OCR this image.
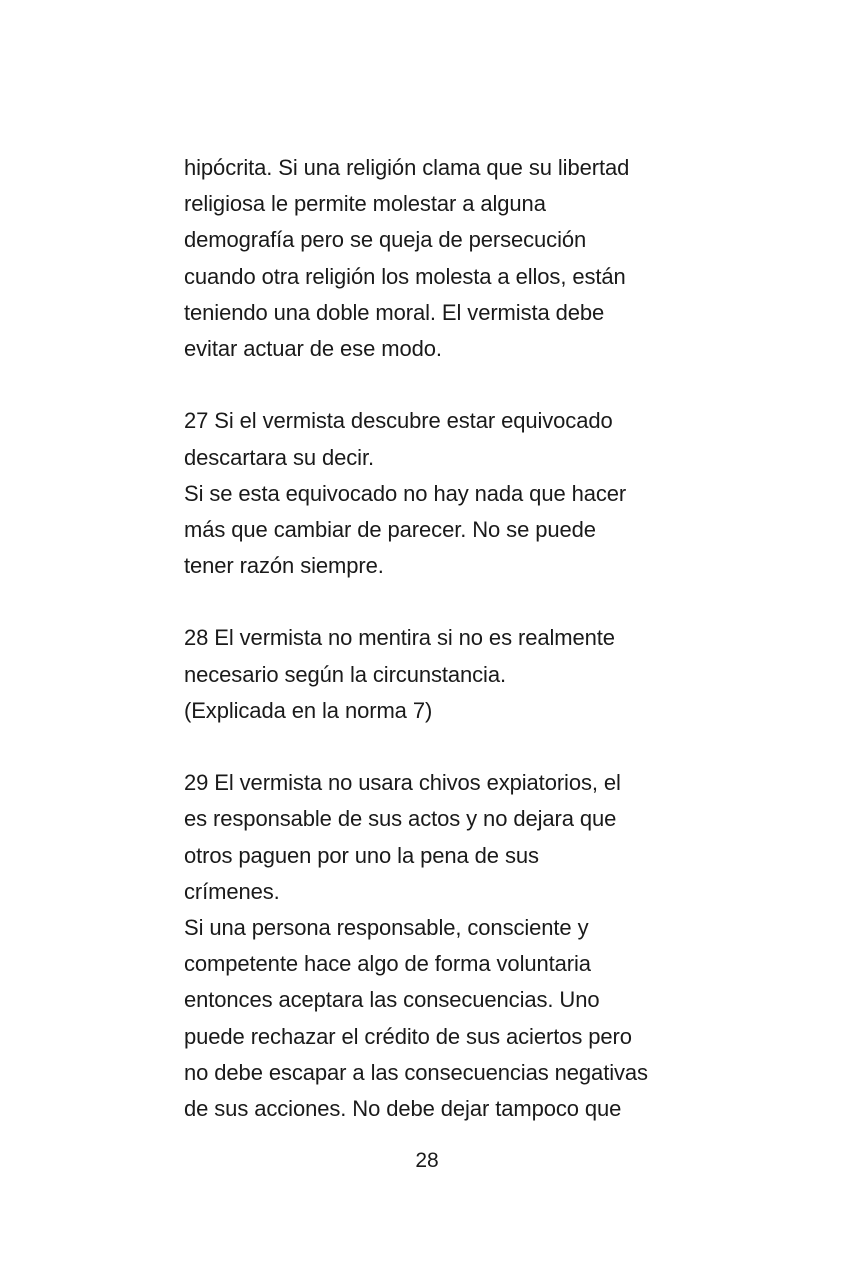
hipócrita. Si una religión clama que su libertad
religiosa le permite molestar a alguna
demografía pero se queja de persecución
cuando otra religión los molesta a ellos, están
teniendo una doble moral. El vermista debe
evitar actuar de ese modo.
27 Si el vermista descubre estar equivocado
descartara su decir.
Si se esta equivocado no hay nada que hacer
más que cambiar de parecer. No se puede
tener razón siempre.
28 El vermista no mentira si no es realmente
necesario según la circunstancia.
(Explicada en la norma 7)
29 El vermista no usara chivos expiatorios, el
es responsable de sus actos y no dejara que
otros paguen por uno la pena de sus
crímenes.
Si una persona responsable, consciente y
competente hace algo de forma voluntaria
entonces aceptara las consecuencias. Uno
puede rechazar el crédito de sus aciertos pero
no debe escapar a las consecuencias negativas
de sus acciones. No debe dejar tampoco que
28
